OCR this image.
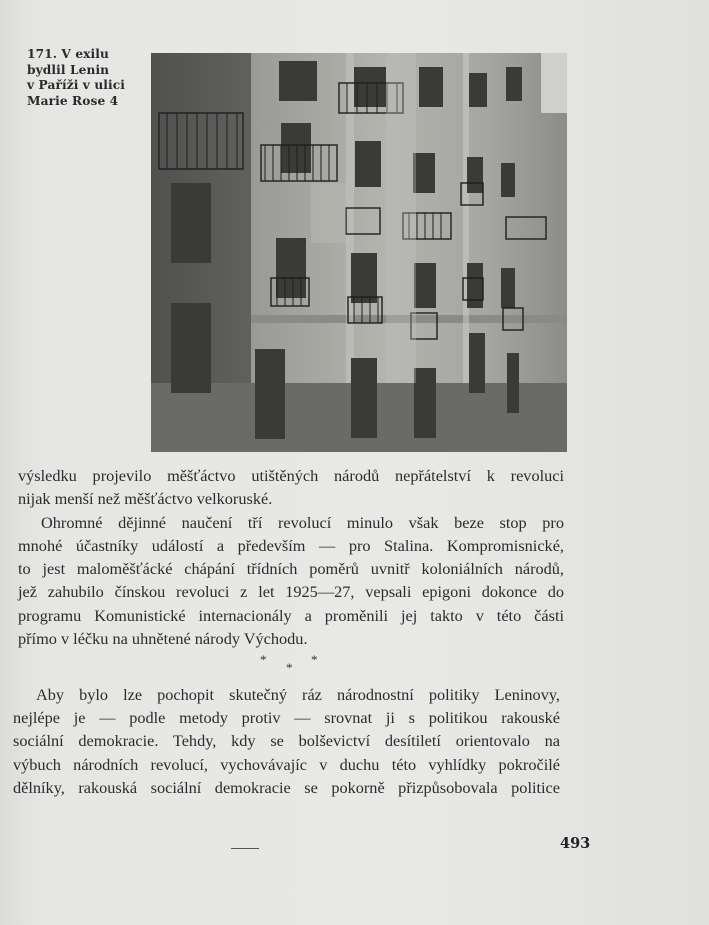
171. V exilu
bydlil Lenin
v Paříži v ulici
Marie Rose 4
výsledku projevilo měšťáctvo utištěných národů nepřátelství k revoluci
nijak menší než měšťáctvo velkoruské.
Ohromné dějinné naučení tří revolucí minulo však beze stop pro
mnohé účastníky událostí a především — pro Stalina. Kompromisnické,
to jest maloměšťácké chápání třídních poměrů uvnitř koloniálních národů,
jež zahubilo čínskou revoluci z let 1925—27, vepsali epigoni dokonce do
programu Komunistické internacionály a proměnili jej takto v této části
přímo v léčku na uhnětené národy Východu.
*
*
*
Aby bylo lze pochopit skutečný ráz národnostní politiky Leninovy,
nejlépe je — podle metody protiv — srovnat ji s politikou rakouské
sociální demokracie. Tehdy, kdy se bolševictví desítiletí orientovalo na
výbuch národních revolucí, vychovávajíc v duchu této vyhlídky pokročilé
dělníky, rakouská sociální demokracie se pokorně přizpůsobovala politice
493
